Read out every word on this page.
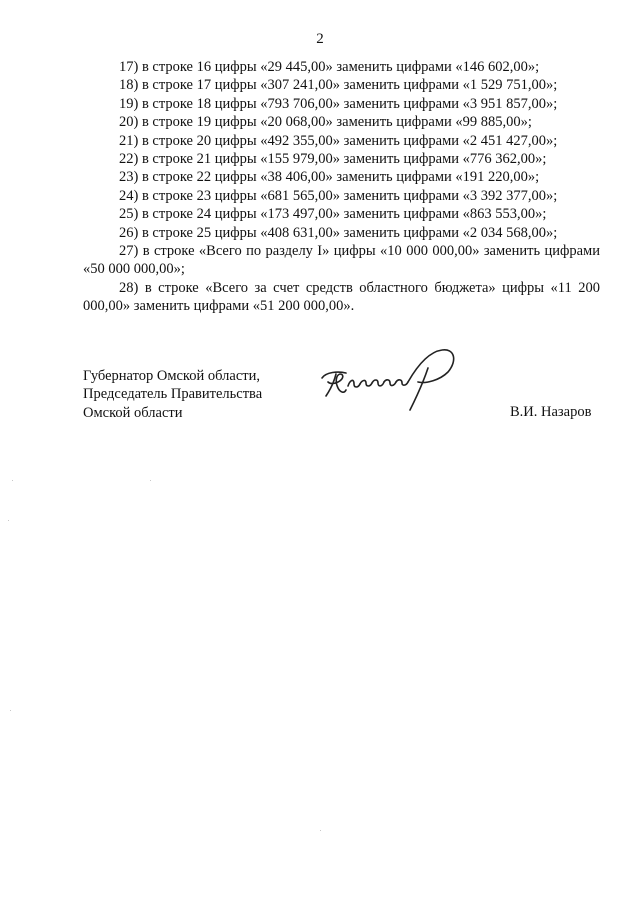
2

17) в строке 16 цифры «29 445,00» заменить цифрами «146 602,00»;

18) в строке 17 цифры «307 241,00» заменить цифрами «1 529 751,00»;

19) в строке 18 цифры «793 706,00» заменить цифрами «3 951 857,00»;

20) в строке 19 цифры «20 068,00» заменить цифрами «99 885,00»;

21) в строке 20 цифры «492 355,00» заменить цифрами «2 451 427,00»;

22) в строке 21 цифры «155 979,00» заменить цифрами «776 362,00»;

23) в строке 22 цифры «38 406,00» заменить цифрами «191 220,00»;

24) в строке 23 цифры «681 565,00» заменить цифрами «3 392 377,00»;

25) в строке 24 цифры «173 497,00» заменить цифрами «863 553,00»;

26) в строке 25 цифры «408 631,00» заменить цифрами «2 034 568,00»;

27) в строке «Всего по разделу I» цифры «10 000 000,00» заменить цифрами «50 000 000,00»;

28) в строке «Всего за счет средств областного бюджета» цифры «11 200 000,00» заменить цифрами «51 200 000,00».

Губернатор Омской области,
Председатель Правительства
Омской области	В.И. Назаров
